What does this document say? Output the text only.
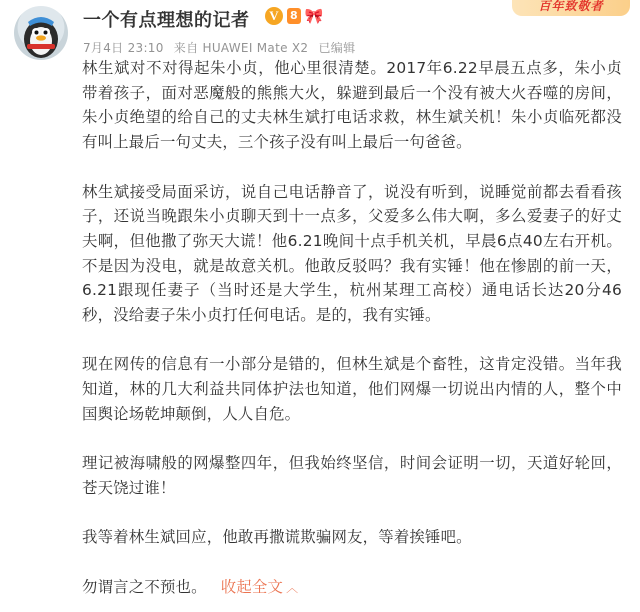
一个有点理想的记者	V	8 🎀
百年致敬者
7月4日 23:10 来自 HUAWEI Mate X2 已编辑

林生斌对不对得起朱小贞，他心里很清楚。2017年6.22早晨五点多，朱小贞带着孩子，面对恶魔般的熊熊大火，躲避到最后一个没有被大火吞噬的房间，朱小贞绝望的给自己的丈夫林生斌打电话求救，林生斌关机！朱小贞临死都没有叫上最后一句丈夫，三个孩子没有叫上最后一句爸爸。

林生斌接受局面采访，说自己电话静音了，说没有听到，说睡觉前都去看看孩子，还说当晚跟朱小贞聊天到十一点多，父爱多么伟大啊，多么爱妻子的好丈夫啊，但他撒了弥天大谎！他6.21晚间十点手机关机，早晨6点40左右开机。不是因为没电，就是故意关机。他敢反驳吗？我有实锤！他在惨剧的前一天，6.21跟现任妻子（当时还是大学生，杭州某理工高校）通电话长达20分46秒，没给妻子朱小贞打任何电话。是的，我有实锤。

现在网传的信息有一小部分是错的，但林生斌是个畜牲，这肯定没错。当年我知道，林的几大利益共同体护法也知道，他们网爆一切说出内情的人，整个中国舆论场乾坤颠倒，人人自危。

理记被海啸般的网爆整四年，但我始终坚信，时间会证明一切，天道好轮回，苍天饶过谁！

我等着林生斌回应，他敢再撒谎欺骗网友，等着挨锤吧。

勿谓言之不预也。 收起全文 ︿
